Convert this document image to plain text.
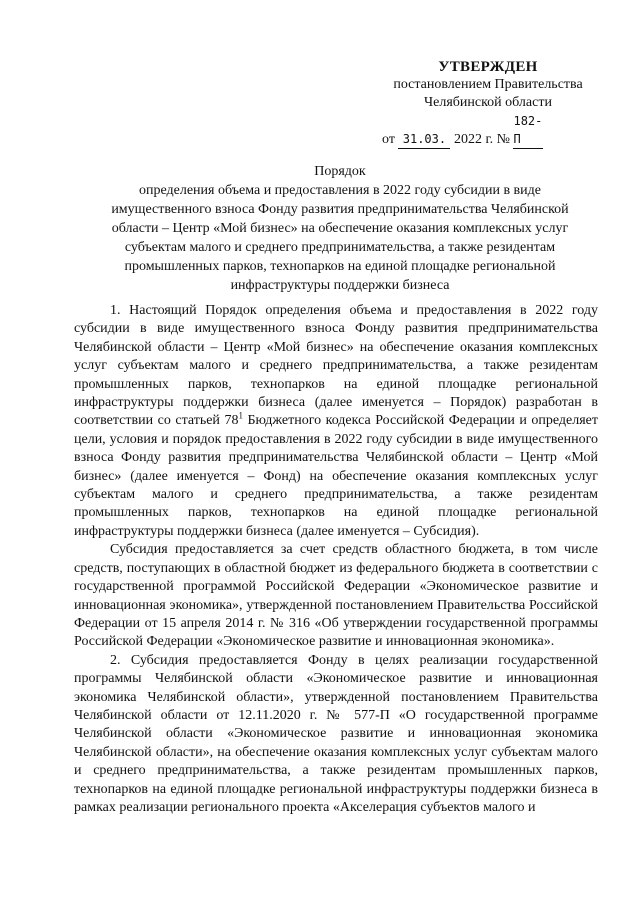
УТВЕРЖДЕН
постановлением Правительства
Челябинской области
от 31.03. 2022 г. № 182-П
Порядок
определения объема и предоставления в 2022 году субсидии в виде
имущественного взноса Фонду развития предпринимательства Челябинской
области – Центр «Мой бизнес» на обеспечение оказания комплексных услуг
субъектам малого и среднего предпринимательства, а также резидентам
промышленных парков, технопарков на единой площадке региональной
инфраструктуры поддержки бизнеса

1. Настоящий Порядок определения объема и предоставления в 2022 году субсидии в виде имущественного взноса Фонду развития предпринимательства Челябинской области – Центр «Мой бизнес» на обеспечение оказания комплексных услуг субъектам малого и среднего предпринимательства, а также резидентам промышленных парков, технопарков на единой площадке региональной инфраструктуры поддержки бизнеса (далее именуется – Порядок) разработан в соответствии со статьей $78^1$ Бюджетного кодекса Российской Федерации и определяет цели, условия и порядок предоставления в 2022 году субсидии в виде имущественного взноса Фонду развития предпринимательства Челябинской области – Центр «Мой бизнес» (далее именуется – Фонд) на обеспечение оказания комплексных услуг субъектам малого и среднего предпринимательства, а также резидентам промышленных парков, технопарков на единой площадке региональной инфраструктуры поддержки бизнеса (далее именуется – Субсидия).

Субсидия предоставляется за счет средств областного бюджета, в том числе средств, поступающих в областной бюджет из федерального бюджета в соответствии с государственной программой Российской Федерации «Экономическое развитие и инновационная экономика», утвержденной постановлением Правительства Российской Федерации от 15 апреля 2014 г. № 316 «Об утверждении государственной программы Российской Федерации «Экономическое развитие и инновационная экономика».

2. Субсидия предоставляется Фонду в целях реализации государственной программы Челябинской области «Экономическое развитие и инновационная экономика Челябинской области», утвержденной постановлением Правительства Челябинской области от 12.11.2020 г. № 577-П «О государственной программе Челябинской области «Экономическое развитие и инновационная экономика Челябинской области», на обеспечение оказания комплексных услуг субъектам малого и среднего предпринимательства, а также резидентам промышленных парков, технопарков на единой площадке региональной инфраструктуры поддержки бизнеса в рамках реализации регионального проекта «Акселерация субъектов малого и
